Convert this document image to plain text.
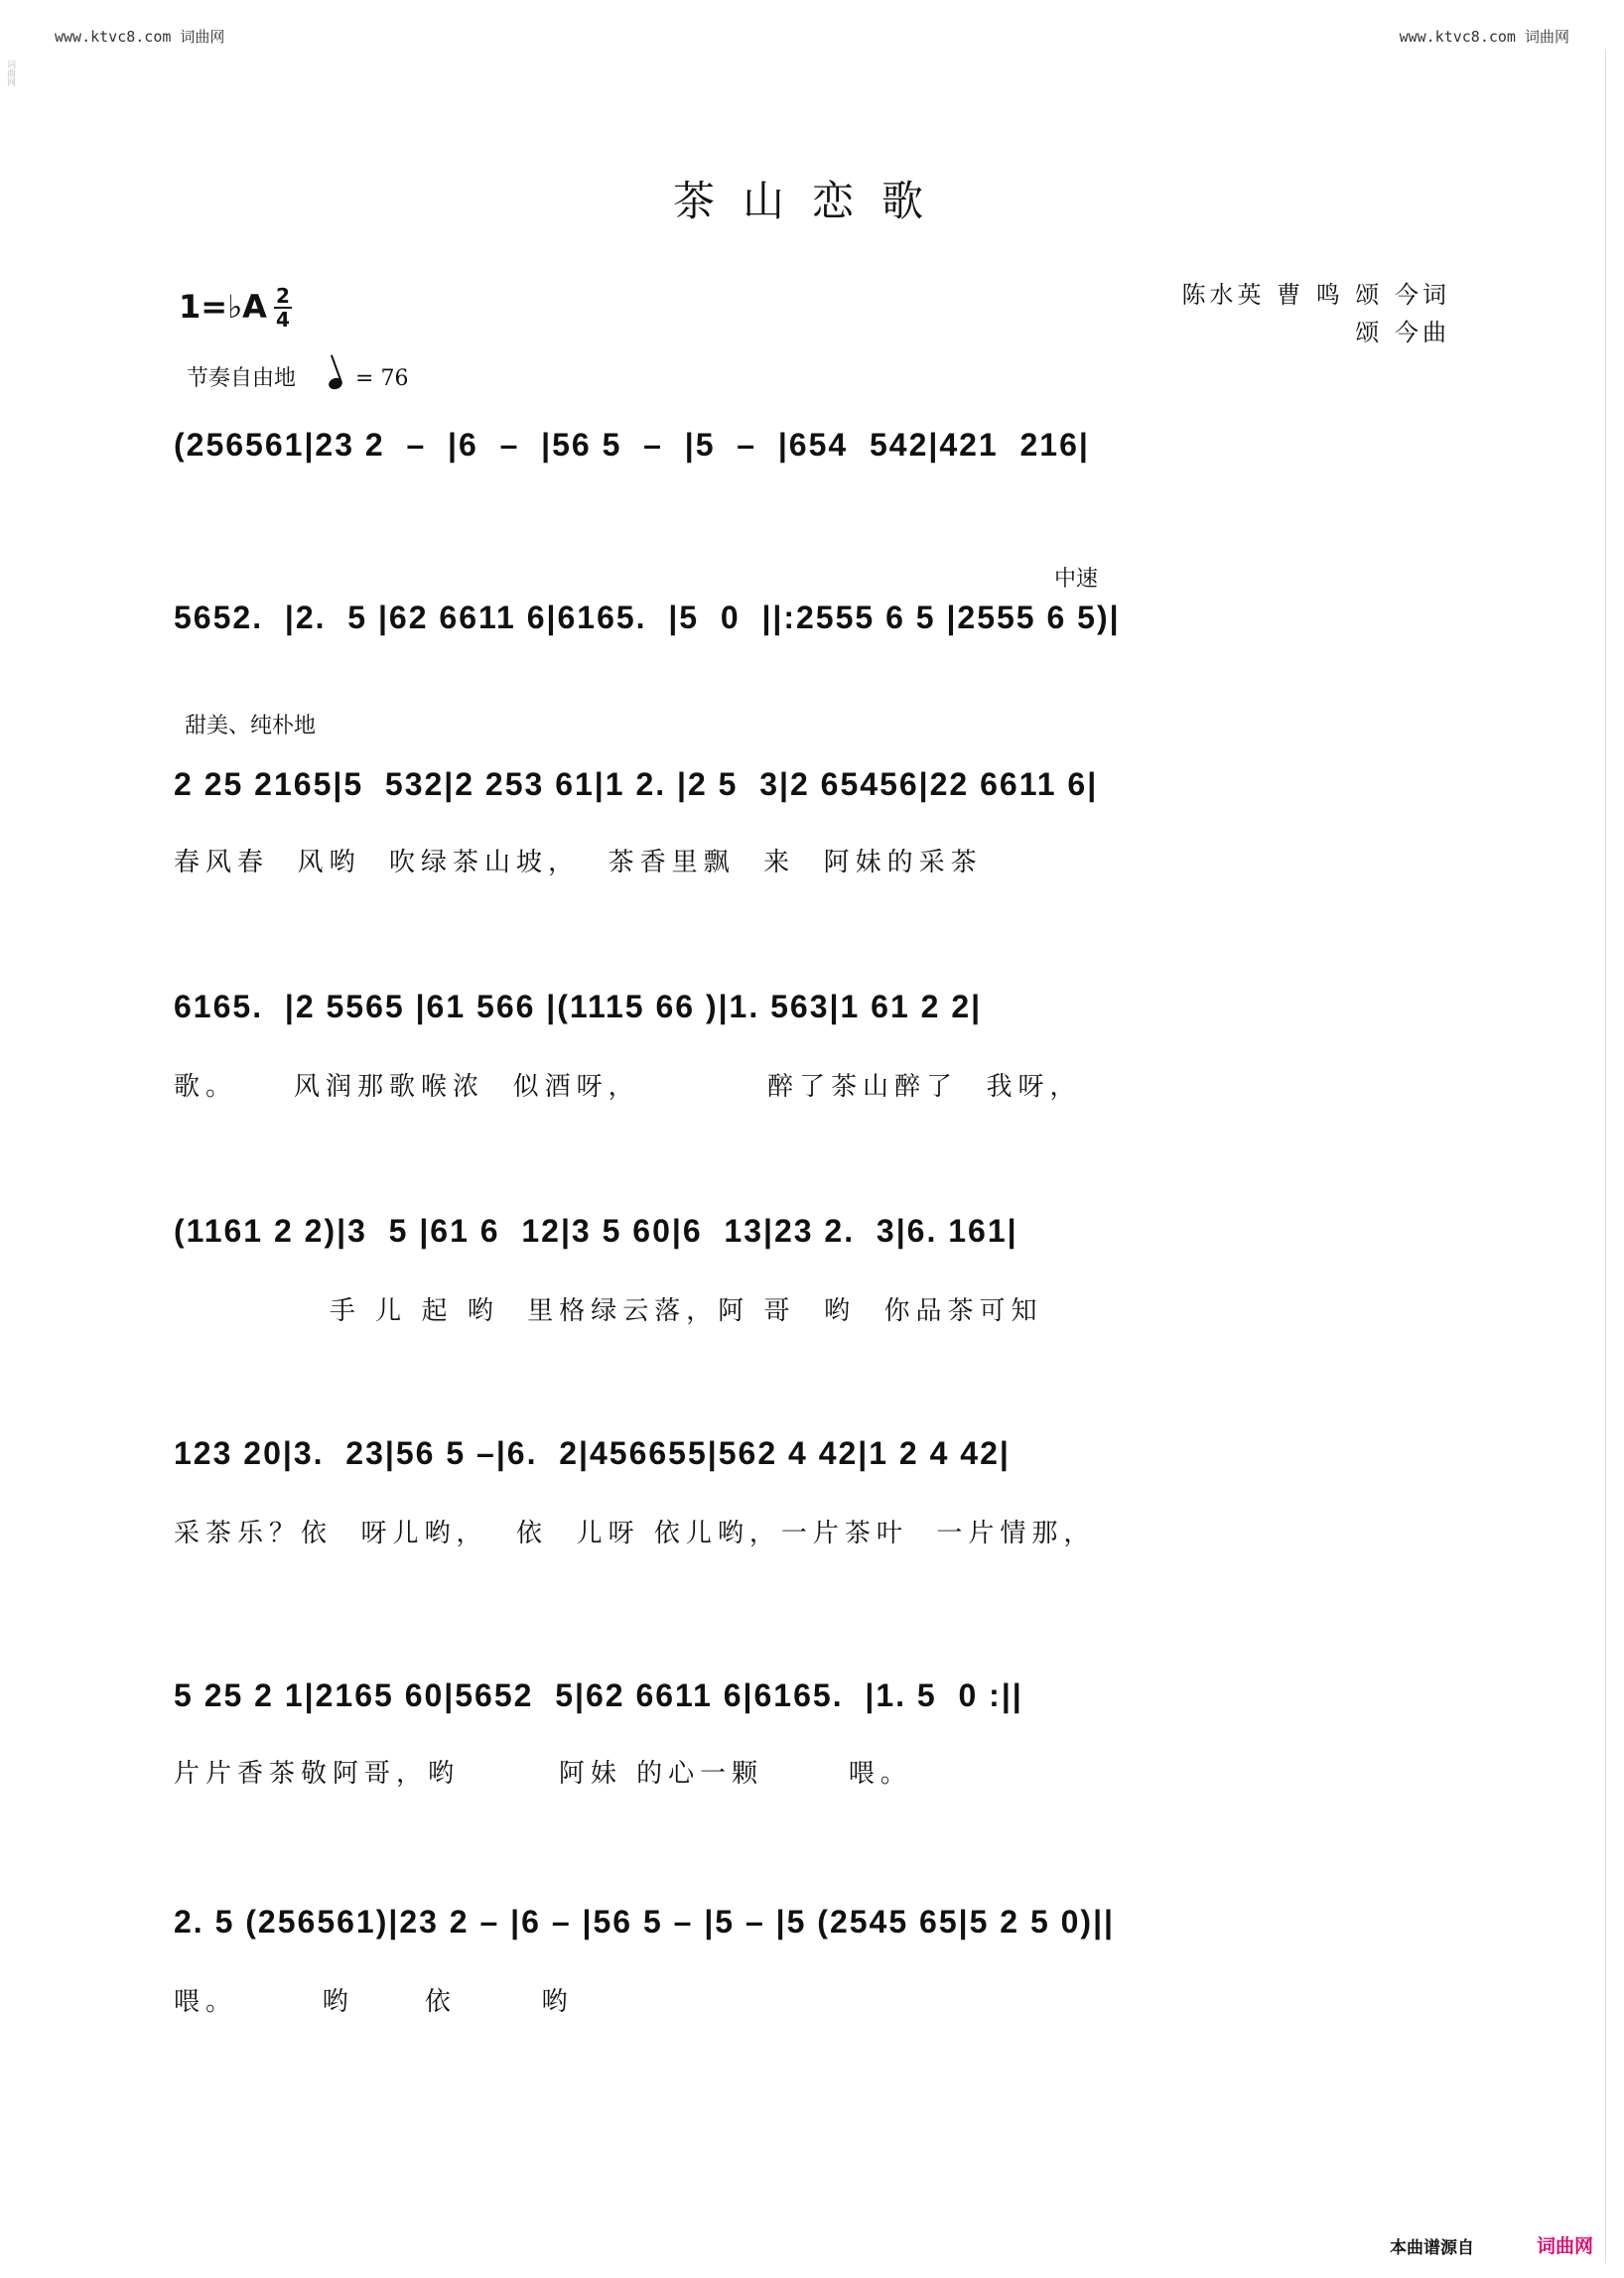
www.ktvc8.com 词曲网	www.ktvc8.com 词曲网
词曲网
茶山恋歌
1=♭A 2
4
陈水英 曹 鸣 颂 今词
颂 今曲
节奏自由地	= 76
中速
甜美、纯朴地
(256561|23 2  –  |6  –  |56 5  –  |5  –  |654  542|421  216|
5652.  |2.  5 |62 6611 6|6165.  |5  0  ||:2555 6 5 |2555 6 5)|
2 25 2165|5  532|2 253 61|1 2. |2 5  3|2 65456|22 6611 6|
春风春  风哟  吹绿茶山坡，  茶香里飘  来  阿妹的采茶
6165.  |2 5565 |61 566 |(1115 66 )|1. 563|1 61 2 2|
歌。    风润那歌喉浓  似酒呀，         醉了茶山醉了  我呀，
(1161 2 2)|3  5 |61 6  12|3 5 60|6  13|23 2.  3|6. 161|
手 儿 起 哟  里格绿云落，阿 哥  哟  你品茶可知
123 20|3.  23|56 5 –|6.  2|456655|562 4 42|1 2 4 42|
采茶乐？依  呀儿哟，  依  儿呀 依儿哟，一片茶叶  一片情那，
5 25 2 1|2165 60|5652  5|62 6611 6|6165.  |1. 5  0 :||
片片香茶敬阿哥，哟       阿妹 的心一颗      喂。
2. 5 (256561)|23 2 – |6 – |56 5 – |5 – |5 (2545 65|5 2 5 0)||
喂。      哟     依      哟
本曲谱源自	词曲网
